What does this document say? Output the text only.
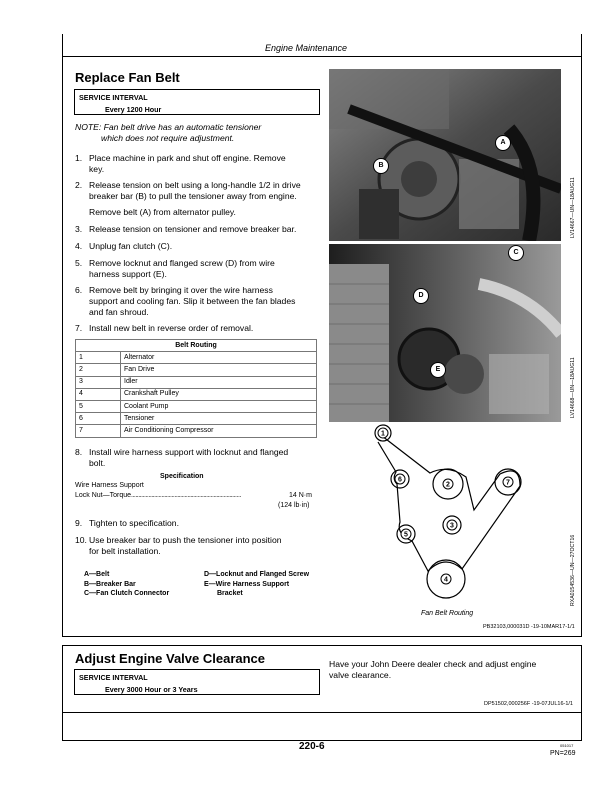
Engine Maintenance
Replace Fan Belt
SERVICE INTERVAL
Every 1200 Hour
NOTE: Fan belt drive has an automatic tensioner
which does not require adjustment.
1. Place machine in park and shut off engine. Remove
key.
2. Release tension on belt using a long-handle 1/2 in drive
breaker bar (B) to pull the tensioner away from engine.
Remove belt (A) from alternator pulley.
3. Release tension on tensioner and remove breaker bar.
4. Unplug fan clutch (C).
5. Remove locknut and flanged screw (D) from wire
harness support (E).
6. Remove belt by bringing it over the wire harness
support and cooling fan. Slip it between the fan blades
and fan shroud.
7. Install new belt in reverse order of removal.
Belt Routing	
1	Alternator
2	Fan Drive
3	Idler
4	Crankshaft Pulley
5	Coolant Pump
6	Tensioner
7	Air Conditioning Compressor
8. Install wire harness support with locknut and flanged
bolt.
Specification
Wire Harness Support
Lock Nut—Torque............................................................................	14 N·m
(124 lb·in)
9. Tighten to specification.
10. Use breaker bar to push the tensioner into position
for belt installation.
A—Belt
B—Breaker Bar
C—Fan Clutch Connector
D—Locknut and Flanged Screw
E—Wire Harness Support
Bracket
A
B
LV14667—UN—18AUG11
C
D
E	LV14668—UN—18AUG11
1
2
3
4
5
6	7
Fan Belt Routing
RXA0154536—UN—27OCT16
PB32103,000031D -19-10MAR17-1/1
Adjust Engine Valve Clearance
SERVICE INTERVAL
Every 3000 Hour or 3 Years
Have your John Deere dealer check and adjust engine
valve clearance.
DP51502,000256F -19-07JUL16-1/1
220-6	051017
PN=269
